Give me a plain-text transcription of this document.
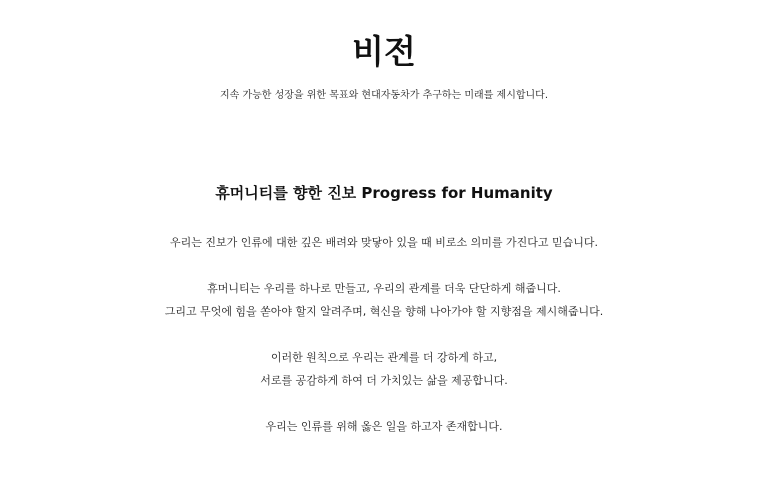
비전

지속 가능한 성장을 위한 목표와 현대자동차가 추구하는 미래를 제시합니다.

휴머니티를 향한 진보 Progress for Humanity

우리는 진보가 인류에 대한 깊은 배려와 맞닿아 있을 때 비로소 의미를 가진다고 믿습니다.

휴머니티는 우리를 하나로 만들고, 우리의 관계를 더욱 단단하게 해줍니다.
그리고 무엇에 힘을 쏟아야 할지 알려주며, 혁신을 향해 나아가야 할 지향점을 제시해줍니다.

이러한 원칙으로 우리는 관계를 더 강하게 하고,
서로를 공감하게 하여 더 가치있는 삶을 제공합니다.

우리는 인류를 위해 옳은 일을 하고자 존재합니다.
